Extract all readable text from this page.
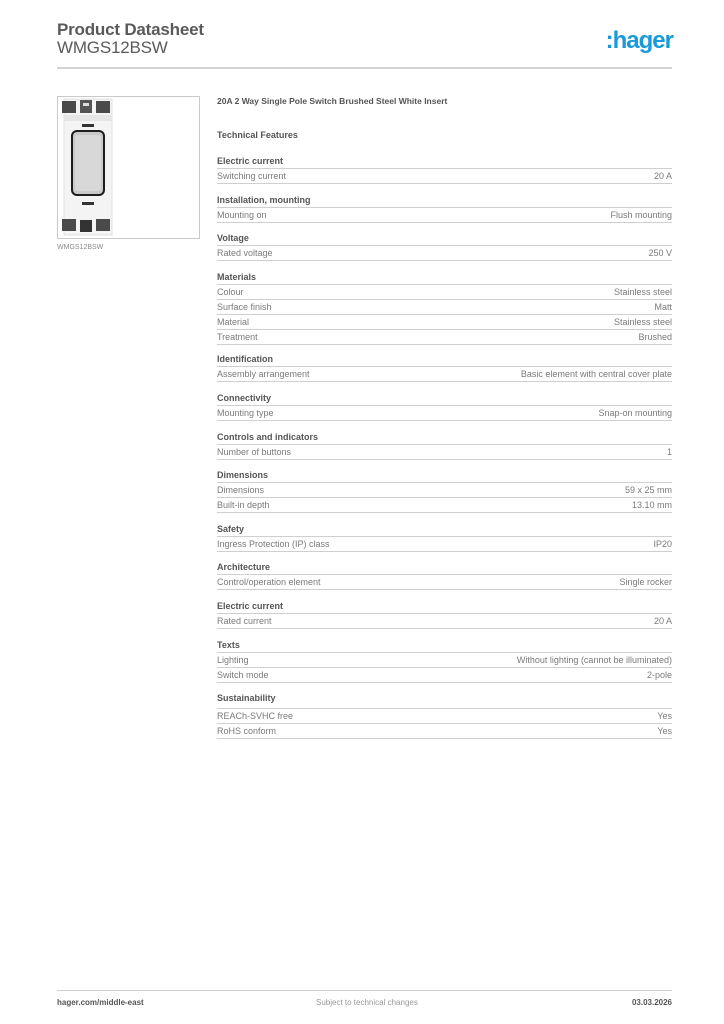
Product Datasheet
WMGS12BSW	:hager
WMGS12BSW
20A 2 Way Single Pole Switch Brushed Steel White Insert
Technical Features
Electric current
Switching current	20 A
Installation, mounting
Mounting on	Flush mounting
Voltage
Rated voltage	250 V
Materials
Colour	Stainless steel
Surface finish	Matt
Material	Stainless steel
Treatment	Brushed
Identification
Assembly arrangement	Basic element with central cover plate
Connectivity
Mounting type	Snap-on mounting
Controls and indicators
Number of buttons	1
Dimensions
Dimensions	59 x 25 mm
Built-in depth	13.10 mm
Safety
Ingress Protection (IP) class	IP20
Architecture
Control/operation element	Single rocker
Electric current
Rated current	20 A
Texts
Lighting	Without lighting (cannot be illuminated)
Switch mode	2-pole
Sustainability
REACh-SVHC free	Yes
RoHS conform	Yes
hager.com/middle-east	Subject to technical changes	03.03.2026
